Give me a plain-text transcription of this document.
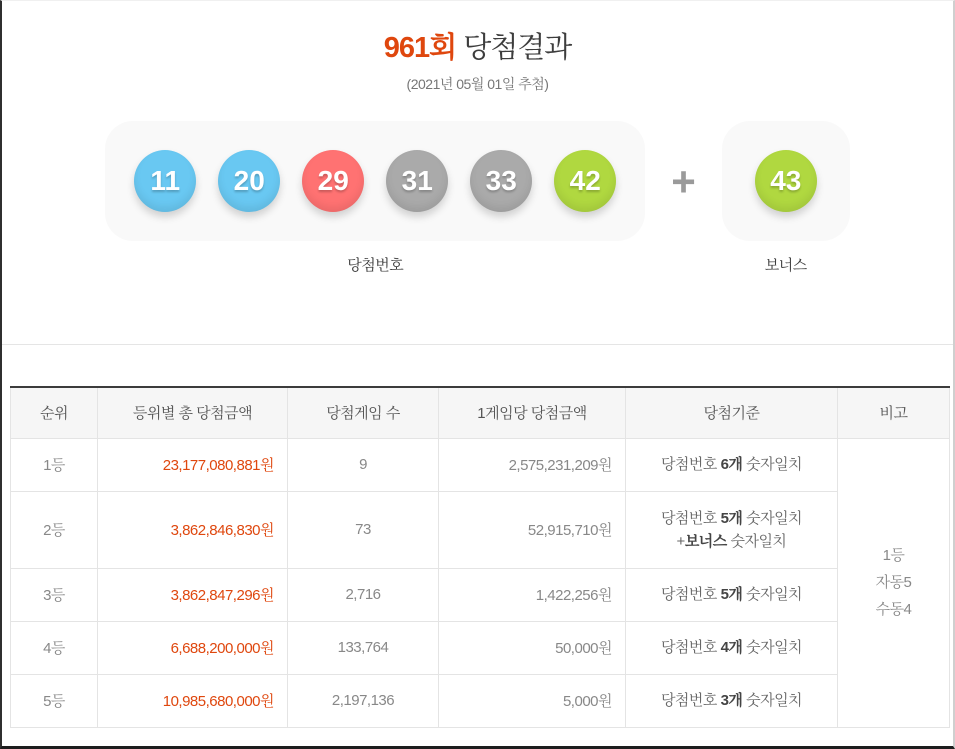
961회 당첨결과
(2021년 05월 01일 추첨)
11	20	29	31	33	42
당첨번호
+	43
보너스
순위	등위별 총 당첨금액	당첨게임 수	1게임당 당첨금액	당첨기준	비고
1등	23,177,080,881원	9	2,575,231,209원	당첨번호 6개 숫자일치	1등
자동5
수동4

2등	3,862,846,830원	73	52,915,710원	당첨번호 5개 숫자일치
+보너스 숫자일치	

3등	3,862,847,296원	2,716	1,422,256원	당첨번호 5개 숫자일치	

4등	6,688,200,000원	133,764	50,000원	당첨번호 4개 숫자일치	

5등	10,985,680,000원	2,197,136	5,000원	당첨번호 3개 숫자일치	
